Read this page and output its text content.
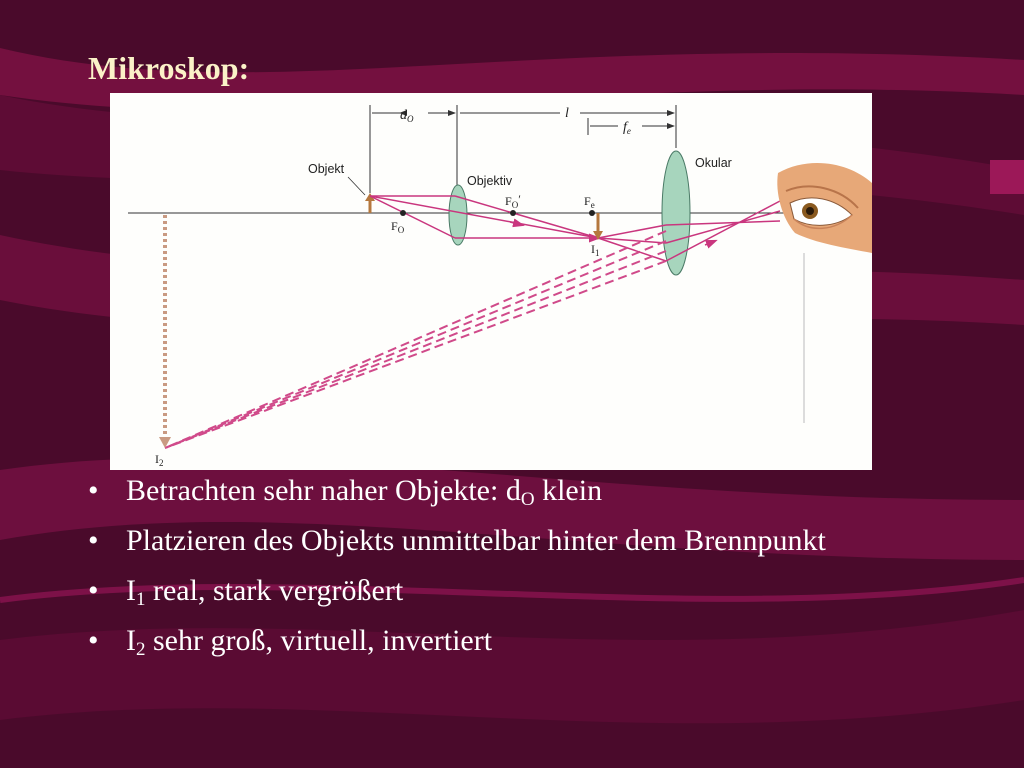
Mikroskop:
$d_O$	l
$f_e$
Objekt
Objektiv
Okular
$F_O$
$F_O'$	$F_e$
$I_1$
$I_2$
• Betrachten sehr naher Objekte: $d_O$ klein
• Platzieren des Objekts unmittelbar hinter dem Brennpunkt
• $I_1$ real, stark vergrößert
• $I_2$ sehr groß, virtuell, invertiert
